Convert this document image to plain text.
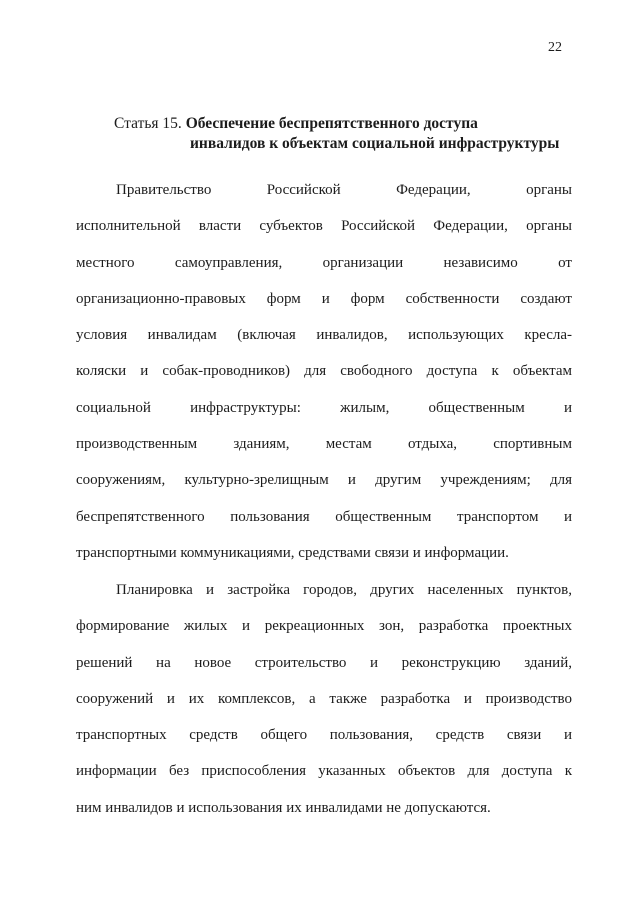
22
Статья 15. Обеспечение беспрепятственного доступа
инвалидов к объектам социальной инфраструктуры
Правительство Российской Федерации, органы
исполнительной власти субъектов Российской Федерации, органы
местного самоуправления, организации независимо от
организационно-правовых форм и форм собственности создают
условия инвалидам (включая инвалидов, использующих кресла-
коляски и собак-проводников) для свободного доступа к объектам
социальной инфраструктуры: жилым, общественным и
производственным зданиям, местам отдыха, спортивным
сооружениям, культурно-зрелищным и другим учреждениям; для
беспрепятственного пользования общественным транспортом и
транспортными коммуникациями, средствами связи и информации.
Планировка и застройка городов, других населенных пунктов,
формирование жилых и рекреационных зон, разработка проектных
решений на новое строительство и реконструкцию зданий,
сооружений и их комплексов, а также разработка и производство
транспортных средств общего пользования, средств связи и
информации без приспособления указанных объектов для доступа к
ним инвалидов и использования их инвалидами не допускаются.
